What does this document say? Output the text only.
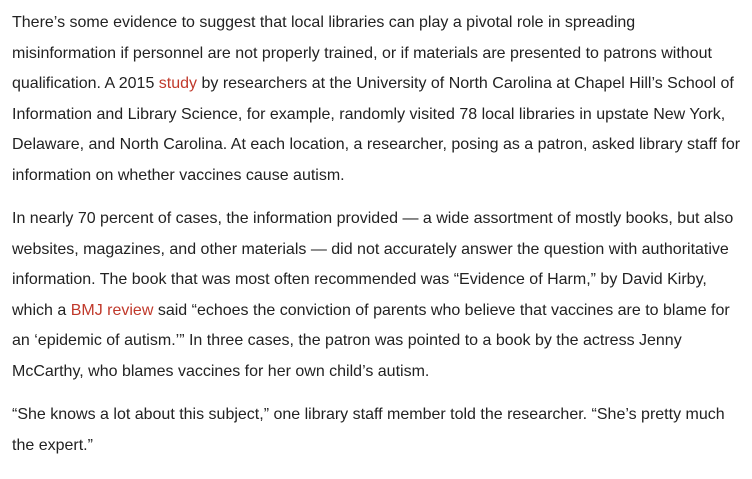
There’s some evidence to suggest that local libraries can play a pivotal role in spreading misinformation if personnel are not properly trained, or if materials are presented to patrons without qualification. A 2015 study by researchers at the University of North Carolina at Chapel Hill’s School of Information and Library Science, for example, randomly visited 78 local libraries in upstate New York, Delaware, and North Carolina. At each location, a researcher, posing as a patron, asked library staff for information on whether vaccines cause autism.

In nearly 70 percent of cases, the information provided — a wide assortment of mostly books, but also websites, magazines, and other materials — did not accurately answer the question with authoritative information. The book that was most often recommended was “Evidence of Harm,” by David Kirby, which a BMJ review said “echoes the conviction of parents who believe that vaccines are to blame for an ‘epidemic of autism.’” In three cases, the patron was pointed to a book by the actress Jenny McCarthy, who blames vaccines for her own child’s autism.

“She knows a lot about this subject,” one library staff member told the researcher. “She’s pretty much the expert.”
